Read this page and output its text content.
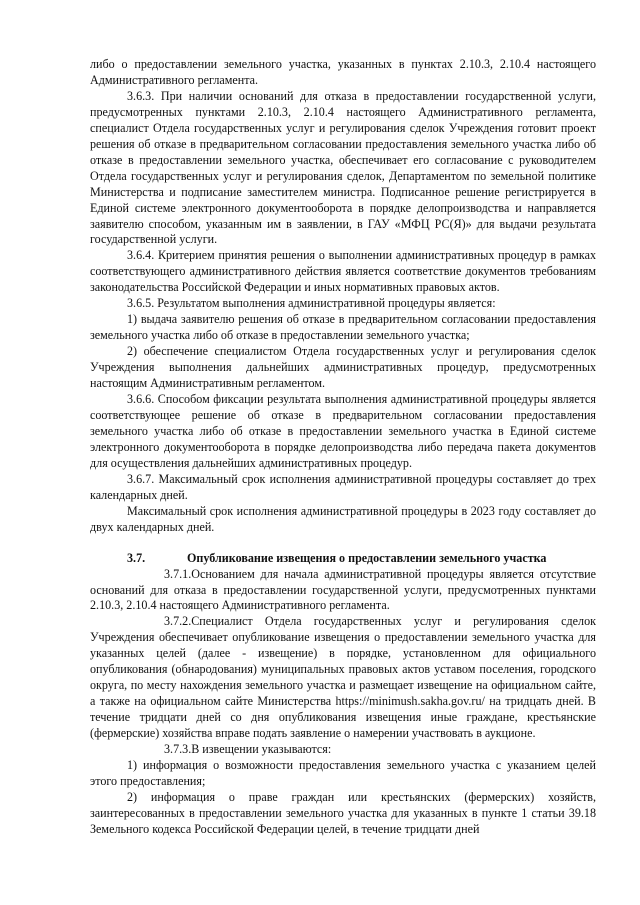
либо о предоставлении земельного участка, указанных в пунктах 2.10.3, 2.10.4 настоящего Административного регламента.

3.6.3. При наличии оснований для отказа в предоставлении государственной услуги, предусмотренных пунктами 2.10.3, 2.10.4 настоящего Административного регламента, специалист Отдела государственных услуг и регулирования сделок Учреждения готовит проект решения об отказе в предварительном согласовании предоставления земельного участка либо об отказе в предоставлении земельного участка, обеспечивает его согласование с руководителем Отдела государственных услуг и регулирования сделок, Департаментом по земельной политике Министерства и подписание заместителем министра. Подписанное решение регистрируется в Единой системе электронного документооборота в порядке делопроизводства и направляется заявителю способом, указанным им в заявлении, в ГАУ «МФЦ РС(Я)» для выдачи результата государственной услуги.

3.6.4. Критерием принятия решения о выполнении административных процедур в рамках соответствующего административного действия является соответствие документов требованиям законодательства Российской Федерации и иных нормативных правовых актов.

3.6.5. Результатом выполнения административной процедуры является:

1) выдача заявителю решения об отказе в предварительном согласовании предоставления земельного участка либо об отказе в предоставлении земельного участка;

2) обеспечение специалистом Отдела государственных услуг и регулирования сделок Учреждения выполнения дальнейших административных процедур, предусмотренных настоящим Административным регламентом.

3.6.6. Способом фиксации результата выполнения административной процедуры является соответствующее решение об отказе в предварительном согласовании предоставления земельного участка либо об отказе в предоставлении земельного участка в Единой системе электронного документооборота в порядке делопроизводства либо передача пакета документов для осуществления дальнейших административных процедур.

3.6.7. Максимальный срок исполнения административной процедуры составляет до трех календарных дней.

Максимальный срок исполнения административной процедуры в 2023 году составляет до двух календарных дней.

3.7.	Опубликование извещения о предоставлении земельного участка

3.7.1.Основанием для начала административной процедуры является отсутствие оснований для отказа в предоставлении государственной услуги, предусмотренных пунктами 2.10.3, 2.10.4 настоящего Административного регламента.

3.7.2.Специалист Отдела государственных услуг и регулирования сделок Учреждения обеспечивает опубликование извещения о предоставлении земельного участка для указанных целей (далее - извещение) в порядке, установленном для официального опубликования (обнародования) муниципальных правовых актов уставом поселения, городского округа, по месту нахождения земельного участка и размещает извещение на официальном сайте, а также на официальном сайте Министерства https://minimush.sakha.gov.ru/ на тридцать дней. В течение тридцати дней со дня опубликования извещения иные граждане, крестьянские (фермерские) хозяйства вправе подать заявление о намерении участвовать в аукционе.

3.7.3.В извещении указываются:

1) информация о возможности предоставления земельного участка с указанием целей этого предоставления;

2) информация о праве граждан или крестьянских (фермерских) хозяйств, заинтересованных в предоставлении земельного участка для указанных в пункте 1 статьи 39.18 Земельного кодекса Российской Федерации целей, в течение тридцати дней
